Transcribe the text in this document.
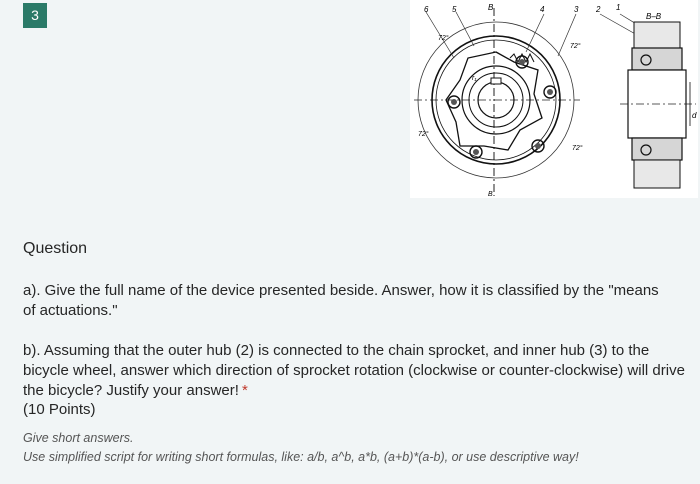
3	6	5	B	4	3 2 1
B–B
B
72°
72°
72°
72°
r₁
d
Question
a). Give the full name of the device presented beside. Answer, how it is classified by the "means of actuations."
b). Assuming that the outer hub (2) is connected to the chain sprocket, and inner hub (3) to the bicycle wheel, answer which direction of sprocket rotation (clockwise or counter-clockwise) will drive the bicycle? Justify your answer! *
(10 Points)
Give short answers.
Use simplified script for writing short formulas, like: a/b, a^b, a*b, (a+b)*(a-b), or use descriptive way!
